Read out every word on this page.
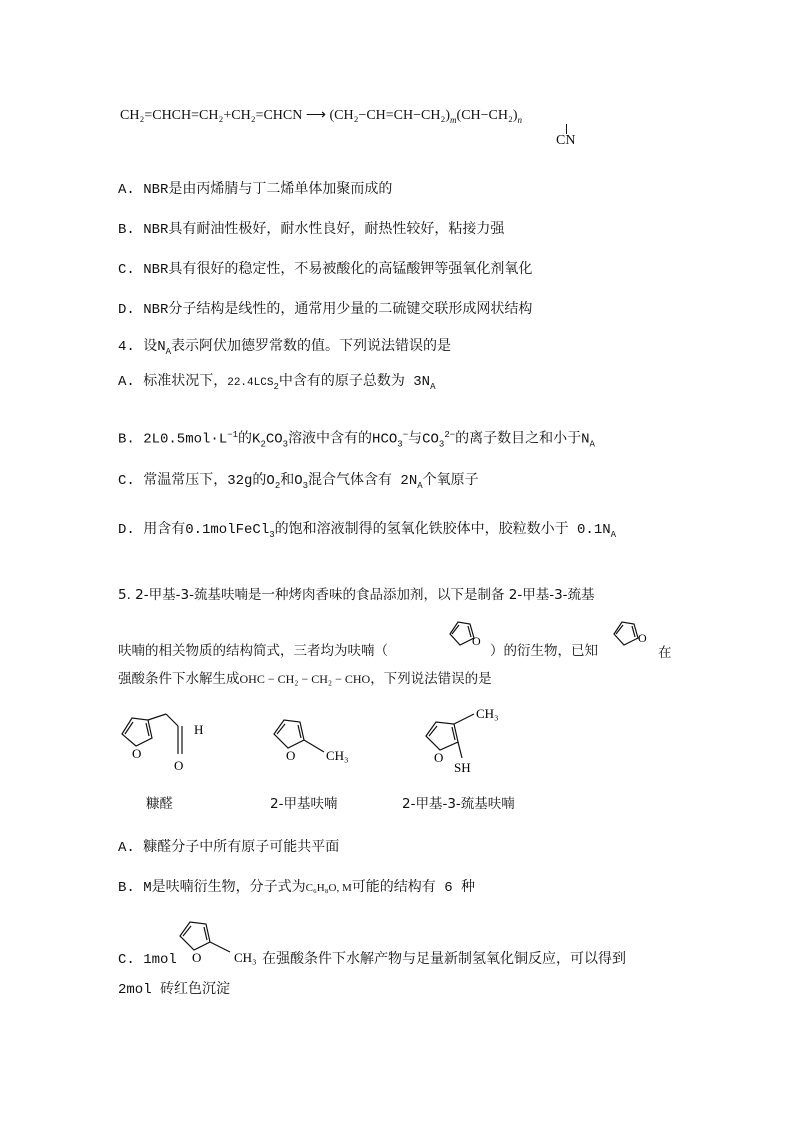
CH₂=CHCH=CH₂+CH₂=CHCN ⟶ $(CH_2-CH=CH-CH_2)_m(CH-CH_2)_n$
CN
A. NBR是由丙烯腈与丁二烯单体加聚而成的
B. NBR具有耐油性极好，耐水性良好，耐热性较好，粘接力强
C. NBR具有很好的稳定性，不易被酸化的高锰酸钾等强氧化剂氧化
D. NBR分子结构是线性的，通常用少量的二硫键交联形成网状结构
4. 设$N_A$表示阿伏加德罗常数的值。下列说法错误的是
A. 标准状况下，$22.4LCS_2$中含有的原子总数为 $3N_A$
B. $2L0.5mol\cdot L^{-1}$的$K_2CO_3$溶液中含有的$HCO_3^-$与$CO_3^{2-}$的离子数目之和小于$N_A$
C. 常温常压下，32g的$O_2$和$O_3$混合气体含有 $2N_A$个氧原子
D. 用含有0.1molFeCl$_3$的饱和溶液制得的氢氧化铁胶体中，胶粒数小于 $0.1N_A$
5. 2-甲基-3-巯基呋喃是一种烤肉香味的食品添加剂，以下是制备 2-甲基-3-巯基
呋喃的相关物质的结构简式，三者均为呋喃（
O
）的衍生物，已知
O
在
强酸条件下水解生成OHC − CH₂ − CH₂ − CHO，下列说法错误的是
O
H
O
糠醛
O CH₃
2-甲基呋喃
O
CH₃
SH
2-甲基-3-巯基呋喃
A. 糠醛分子中所有原子可能共平面
B. M是呋喃衍生物，分子式为C₆H₈O, M可能的结构有 6 种
C. 1mol O	CH₃ 在强酸条件下水解产物与足量新制氢氧化铜反应，可以得到
2mol 砖红色沉淀
